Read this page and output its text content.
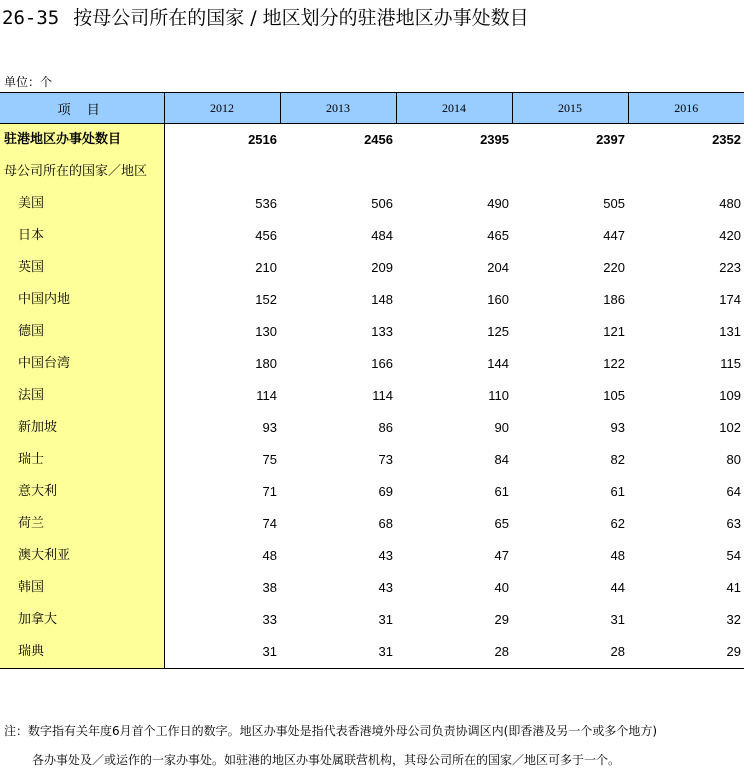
26-35 按母公司所在的国家 / 地区划分的驻港地区办事处数目
单位：个
项 目	2012	2013	2014	2015	2016
驻港地区办事处数目	2516	2456	2395	2397	2352
母公司所在的国家／地区					
美国	536	506	490	505	480
日本	456	484	465	447	420
英国	210	209	204	220	223
中国内地	152	148	160	186	174
德国	130	133	125	121	131
中国台湾	180	166	144	122	115
法国	114	114	110	105	109
新加坡	93	86	90	93	102
瑞士	75	73	84	82	80
意大利	71	69	61	61	64
荷兰	74	68	65	62	63
澳大利亚	48	43	47	48	54
韩国	38	43	40	44	41
加拿大	33	31	29	31	32
瑞典	31	31	28	28	29
注：数字指有关年度6月首个工作日的数字。地区办事处是指代表香港境外母公司负责协调区内(即香港及另一个或多个地方)
各办事处及／或运作的一家办事处。如驻港的地区办事处属联营机构，其母公司所在的国家／地区可多于一个。
